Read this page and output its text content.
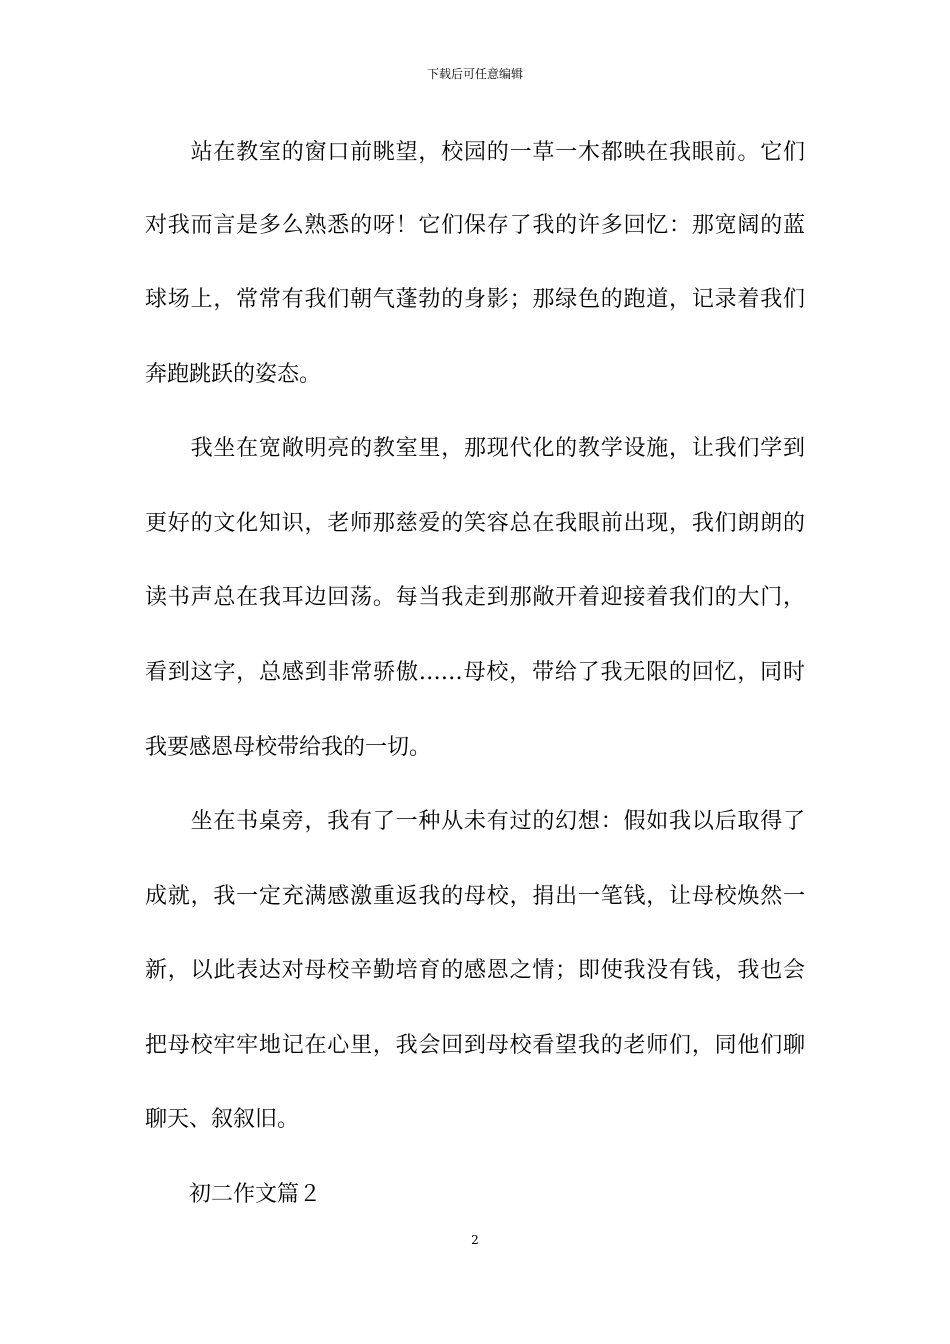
下载后可任意编辑
　　站在教室的窗口前眺望，校园的一草一木都映在我眼前。它们
对我而言是多么熟悉的呀！它们保存了我的许多回忆：那宽阔的蓝
球场上，常常有我们朝气蓬勃的身影；那绿色的跑道，记录着我们
奔跑跳跃的姿态。
　　我坐在宽敞明亮的教室里，那现代化的教学设施，让我们学到
更好的文化知识，老师那慈爱的笑容总在我眼前出现，我们朗朗的
读书声总在我耳边回荡。每当我走到那敞开着迎接着我们的大门，
看到这字，总感到非常骄傲……母校，带给了我无限的回忆，同时
我要感恩母校带给我的一切。
　　坐在书桌旁，我有了一种从未有过的幻想：假如我以后取得了
成就，我一定充满感激重返我的母校，捐出一笔钱，让母校焕然一
新，以此表达对母校辛勤培育的感恩之情；即使我没有钱，我也会
把母校牢牢地记在心里，我会回到母校看望我的老师们，同他们聊
聊天、叙叙旧。
　　初二作文篇２
2
